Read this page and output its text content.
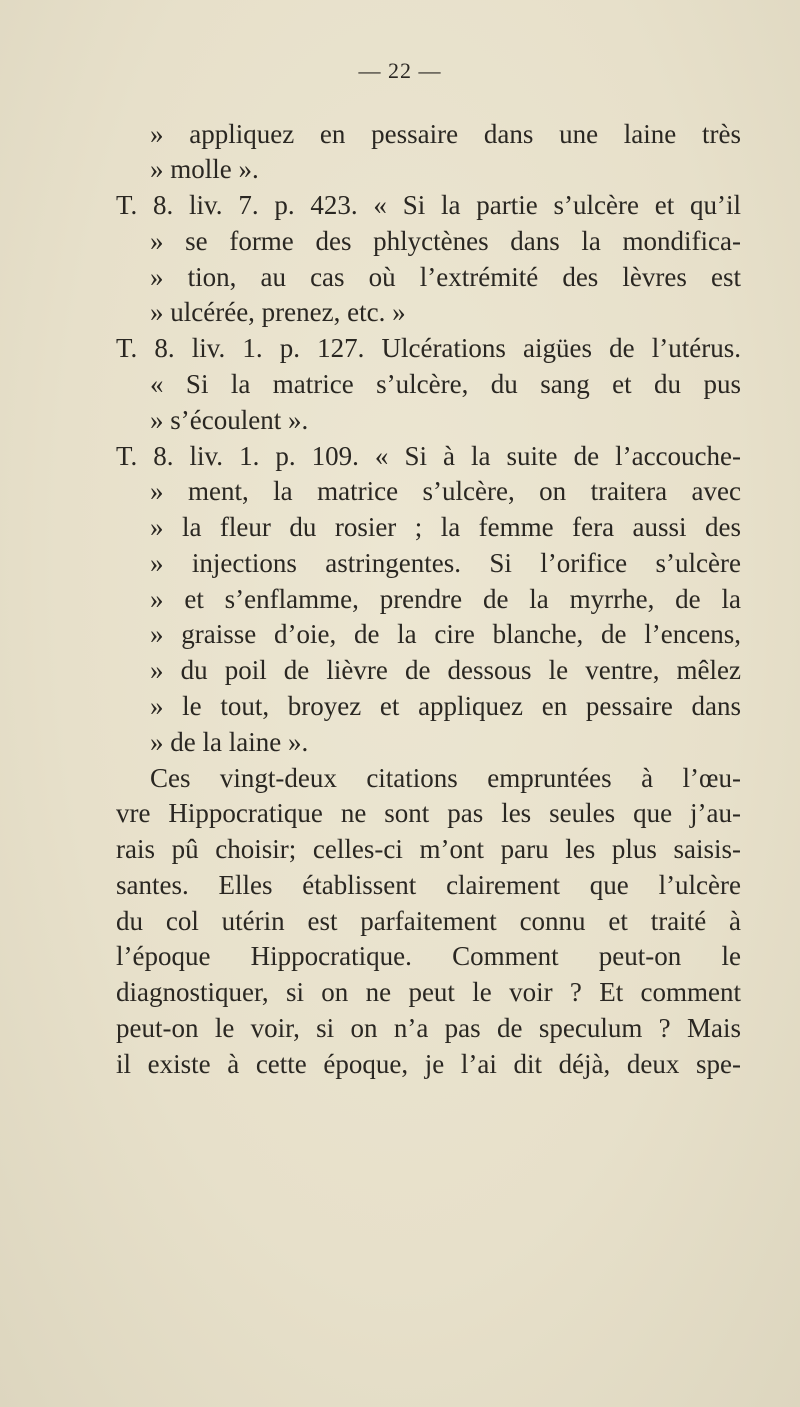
— 22 —
» appliquez en pessaire dans une laine très
» molle ».
T. 8. liv. 7. p. 423. « Si la partie s’ulcère et qu’il
» se forme des phlyctènes dans la mondifica-
» tion, au cas où l’extrémité des lèvres est
» ulcérée, prenez, etc. »
T. 8. liv. 1. p. 127. Ulcérations aigües de l’utérus.
« Si la matrice s’ulcère, du sang et du pus
» s’écoulent ».
T. 8. liv. 1. p. 109. « Si à la suite de l’accouche-
» ment, la matrice s’ulcère, on traitera avec
» la fleur du rosier ; la femme fera aussi des
» injections astringentes. Si l’orifice s’ulcère
» et s’enflamme, prendre de la myrrhe, de la
» graisse d’oie, de la cire blanche, de l’encens,
» du poil de lièvre de dessous le ventre, mêlez
» le tout, broyez et appliquez en pessaire dans
» de la laine ».
Ces vingt-deux citations empruntées à l’œu-
vre Hippocratique ne sont pas les seules que j’au-
rais pû choisir; celles-ci m’ont paru les plus saisis-
santes. Elles établissent clairement que l’ulcère
du col utérin est parfaitement connu et traité à
l’époque Hippocratique. Comment peut-on le
diagnostiquer, si on ne peut le voir ? Et comment
peut-on le voir, si on n’a pas de speculum ? Mais
il existe à cette époque, je l’ai dit déjà, deux spe-
